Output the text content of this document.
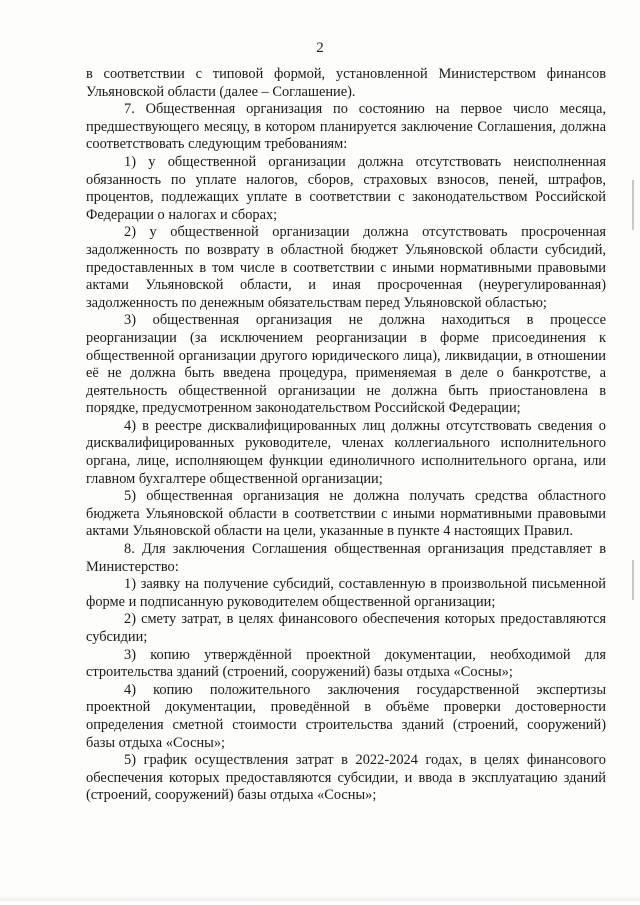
2

в соответствии с типовой формой, установленной Министерством финансов Ульяновской области (далее – Соглашение).

7. Общественная организация по состоянию на первое число месяца, предшествующего месяцу, в котором планируется заключение Соглашения, должна соответствовать следующим требованиям:

1) у общественной организации должна отсутствовать неисполненная обязанность по уплате налогов, сборов, страховых взносов, пеней, штрафов, процентов, подлежащих уплате в соответствии с законодательством Российской Федерации о налогах и сборах;

2) у общественной организации должна отсутствовать просроченная задолженность по возврату в областной бюджет Ульяновской области субсидий, предоставленных в том числе в соответствии с иными нормативными правовыми актами Ульяновской области, и иная просроченная (неурегулированная) задолженность по денежным обязательствам перед Ульяновской областью;

3) общественная организация не должна находиться в процессе реорганизации (за исключением реорганизации в форме присоединения к общественной организации другого юридического лица), ликвидации, в отношении её не должна быть введена процедура, применяемая в деле о банкротстве, а деятельность общественной организации не должна быть приостановлена в порядке, предусмотренном законодательством Российской Федерации;

4) в реестре дисквалифицированных лиц должны отсутствовать сведения о дисквалифицированных руководителе, членах коллегиального исполнительного органа, лице, исполняющем функции единоличного исполнительного органа, или главном бухгалтере общественной организации;

5) общественная организация не должна получать средства областного бюджета Ульяновской области в соответствии с иными нормативными правовыми актами Ульяновской области на цели, указанные в пункте 4 настоящих Правил.

8. Для заключения Соглашения общественная организация представляет в Министерство:

1) заявку на получение субсидий, составленную в произвольной письменной форме и подписанную руководителем общественной организации;

2) смету затрат, в целях финансового обеспечения которых предоставляются субсидии;

3) копию утверждённой проектной документации, необходимой для строительства зданий (строений, сооружений) базы отдыха «Сосны»;

4) копию положительного заключения государственной экспертизы проектной документации, проведённой в объёме проверки достоверности определения сметной стоимости строительства зданий (строений, сооружений) базы отдыха «Сосны»;

5) график осуществления затрат в 2022-2024 годах, в целях финансового обеспечения которых предоставляются субсидии, и ввода в эксплуатацию зданий (строений, сооружений) базы отдыха «Сосны»;
